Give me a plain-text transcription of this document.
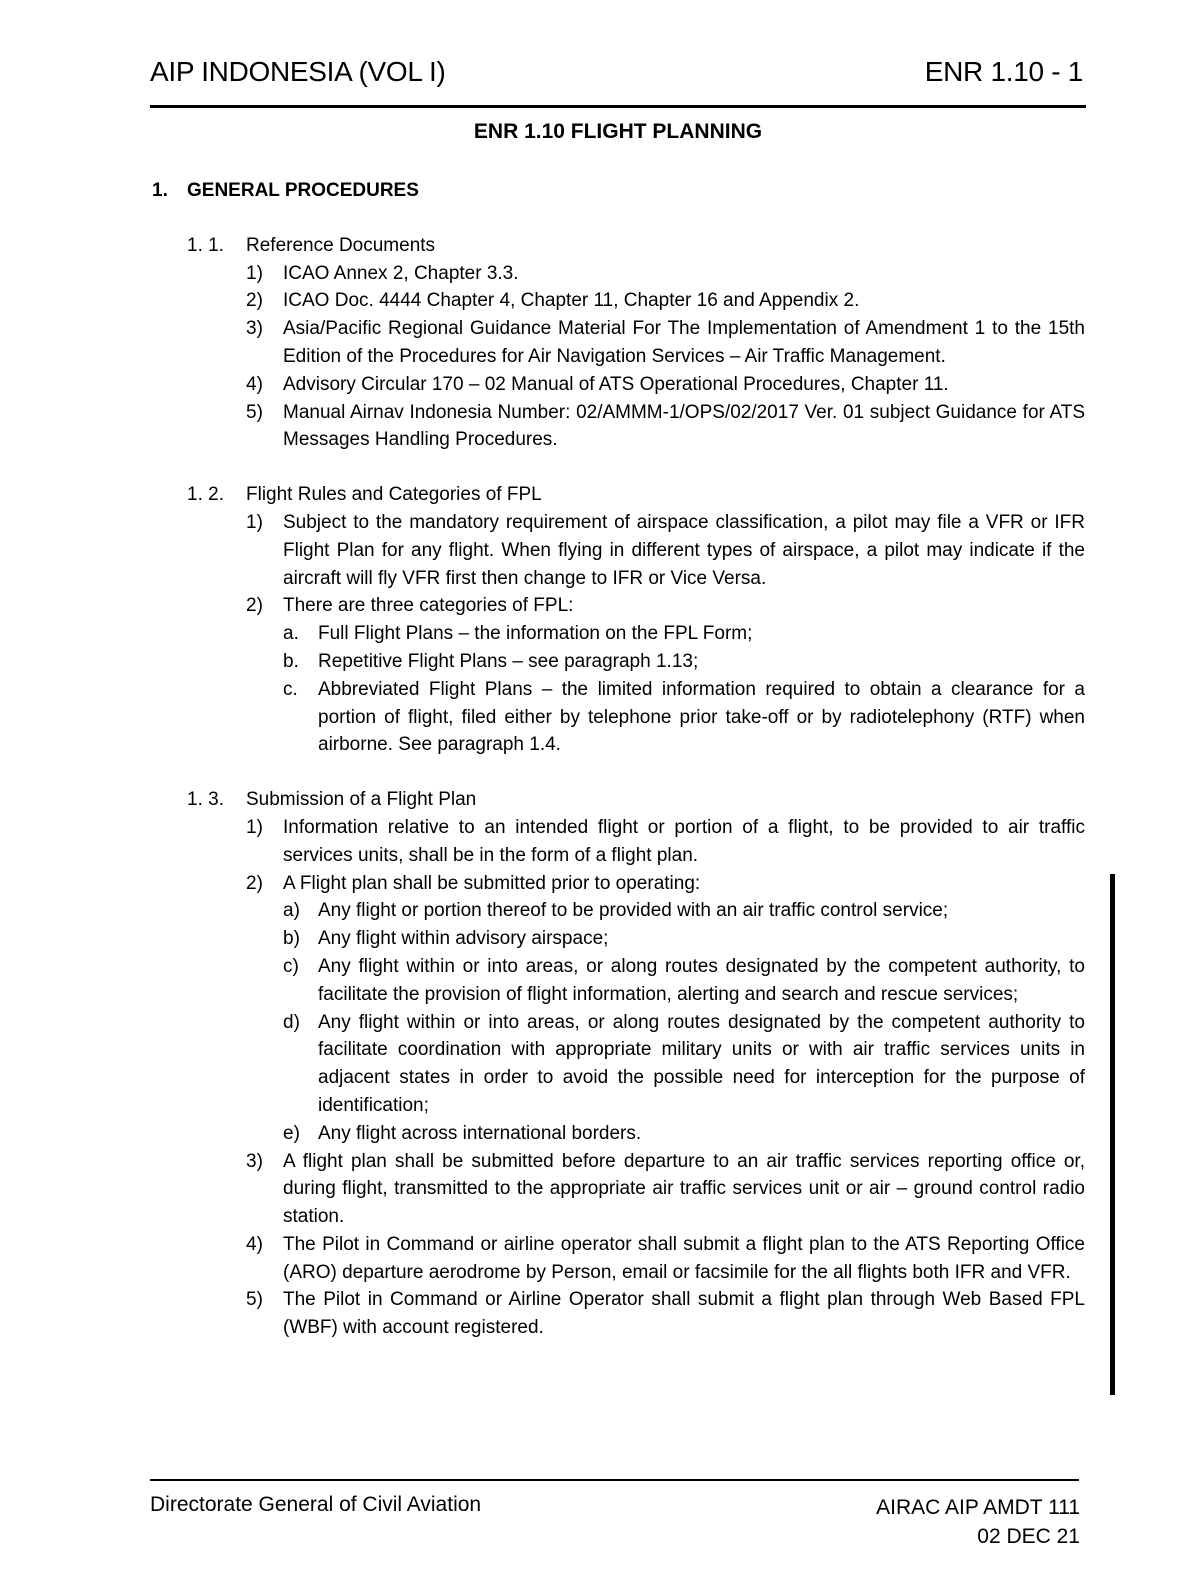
AIP INDONESIA (VOL I)	ENR 1.10 - 1
ENR 1.10 FLIGHT PLANNING
1. GENERAL PROCEDURES
1. 1. Reference Documents
1) ICAO Annex 2, Chapter 3.3.
2) ICAO Doc. 4444 Chapter 4, Chapter 11, Chapter 16 and Appendix 2.
3) Asia/Pacific Regional Guidance Material For The Implementation of Amendment 1 to the 15th Edition of the Procedures for Air Navigation Services – Air Traffic Management.
4) Advisory Circular 170 – 02 Manual of ATS Operational Procedures, Chapter 11.
5) Manual Airnav Indonesia Number: 02/AMMM-1/OPS/02/2017 Ver. 01 subject Guidance for ATS Messages Handling Procedures.
1. 2. Flight Rules and Categories of FPL
1) Subject to the mandatory requirement of airspace classification, a pilot may file a VFR or IFR Flight Plan for any flight. When flying in different types of airspace, a pilot may indicate if the aircraft will fly VFR first then change to IFR or Vice Versa.
2) There are three categories of FPL:
a. Full Flight Plans – the information on the FPL Form;
b. Repetitive Flight Plans – see paragraph 1.13;
c. Abbreviated Flight Plans – the limited information required to obtain a clearance for a portion of flight, filed either by telephone prior take-off or by radiotelephony (RTF) when airborne. See paragraph 1.4.
1. 3. Submission of a Flight Plan
1) Information relative to an intended flight or portion of a flight, to be provided to air traffic services units, shall be in the form of a flight plan.
2) A Flight plan shall be submitted prior to operating:
a) Any flight or portion thereof to be provided with an air traffic control service;
b) Any flight within advisory airspace;
c) Any flight within or into areas, or along routes designated by the competent authority, to facilitate the provision of flight information, alerting and search and rescue services;
d) Any flight within or into areas, or along routes designated by the competent authority to facilitate coordination with appropriate military units or with air traffic services units in adjacent states in order to avoid the possible need for interception for the purpose of identification;
e) Any flight across international borders.
3) A flight plan shall be submitted before departure to an air traffic services reporting office or, during flight, transmitted to the appropriate air traffic services unit or air – ground control radio station.
4) The Pilot in Command or airline operator shall submit a flight plan to the ATS Reporting Office (ARO) departure aerodrome by Person, email or facsimile for the all flights both IFR and VFR.
5) The Pilot in Command or Airline Operator shall submit a flight plan through Web Based FPL (WBF) with account registered.
Directorate General of Civil Aviation	AIRAC AIP AMDT 111
02 DEC 21
